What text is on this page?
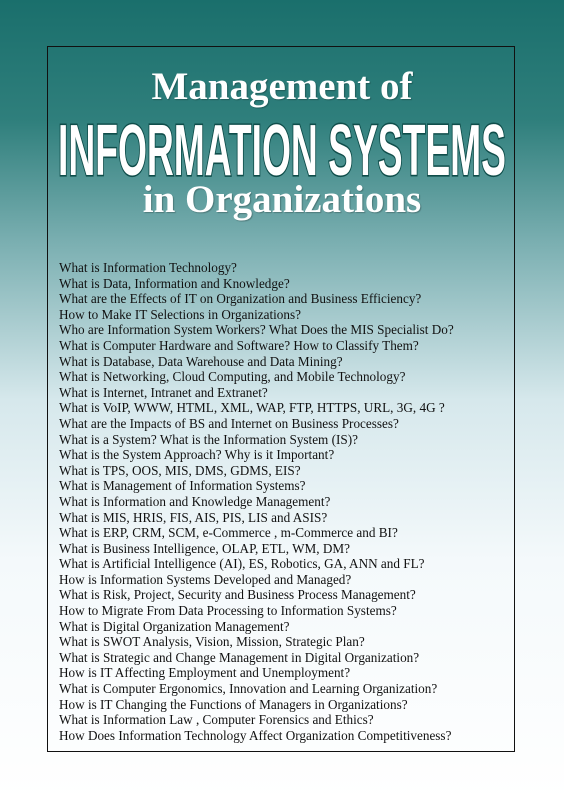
Management of
INFORMATION SYSTEMS
in Organizations
What is Information Technology?
What is Data, Information and Knowledge?
What are the Effects of IT on Organization and Business Efficiency?
How to Make IT Selections in Organizations?
Who are Information System Workers? What Does the MIS Specialist Do?
What is Computer Hardware and Software? How to Classify Them?
What is Database, Data Warehouse and Data Mining?
What is Networking, Cloud Computing, and Mobile Technology?
What is Internet, Intranet and Extranet?
What is VoIP, WWW, HTML, XML, WAP, FTP, HTTPS, URL, 3G, 4G ?
What are the Impacts of BS and Internet on Business Processes?
What is a System? What is the Information System (IS)?
What is the System Approach? Why is it Important?
What is TPS, OOS, MIS, DMS, GDMS, EIS?
What is Management of Information Systems?
What is Information and Knowledge Management?
What is MIS, HRIS, FIS, AIS, PIS, LIS and ASIS?
What is ERP, CRM, SCM, e-Commerce , m-Commerce and BI?
What is Business Intelligence, OLAP, ETL, WM, DM?
What is Artificial Intelligence (AI), ES, Robotics, GA, ANN and FL?
How is Information Systems Developed and Managed?
What is Risk, Project, Security and Business Process Management?
How to Migrate From Data Processing to Information Systems?
What is Digital Organization Management?
What is SWOT Analysis, Vision, Mission, Strategic Plan?
What is Strategic and Change Management in Digital Organization?
How is IT Affecting Employment and Unemployment?
What is Computer Ergonomics, Innovation and Learning Organization?
How is IT Changing the Functions of Managers in Organizations?
What is Information Law , Computer Forensics and Ethics?
How Does Information Technology Affect Organization Competitiveness?
